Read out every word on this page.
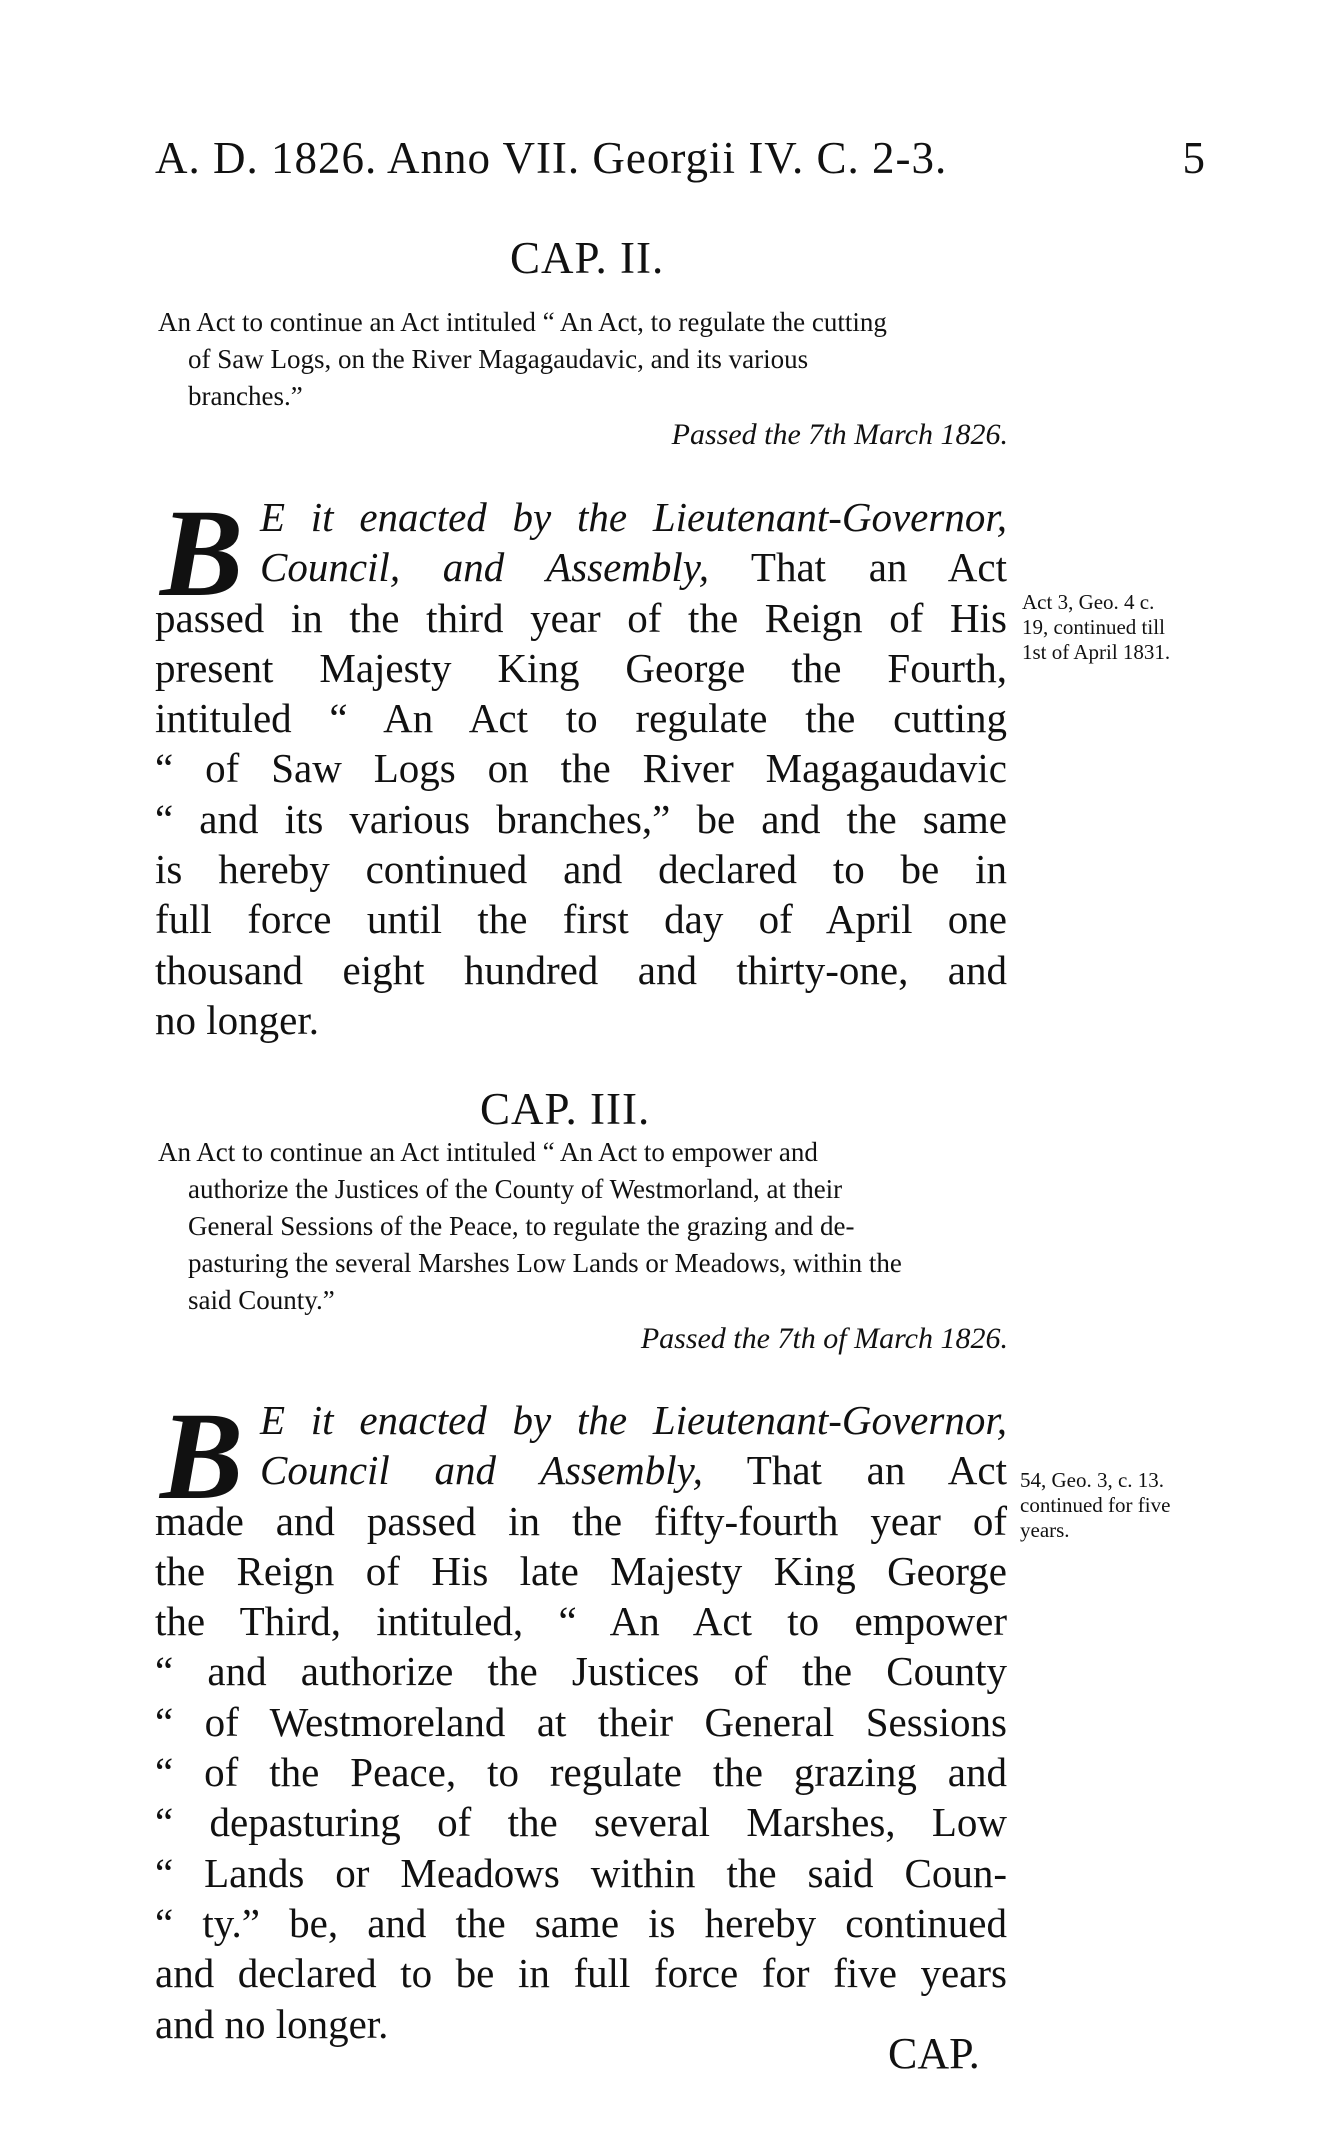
A. D. 1826. Anno VII. Georgii IV. C. 2-3.	5
CAP. II.
An Act to continue an Act intituled “ An Act, to regulate the cutting
of Saw Logs, on the River Magagaudavic, and its various
branches.”
Passed the 7th March 1826.
B E it enacted by the Lieutenant-Governor,
Council, and Assembly, That an Act
passed in the third year of the Reign of His
present Majesty King George the Fourth,
intituled “ An Act to regulate the cutting
“ of Saw Logs on the River Magagaudavic
“ and its various branches,” be and the same
is hereby continued and declared to be in
full force until the first day of April one
thousand eight hundred and thirty-one, and
no longer.
Act 3, Geo. 4 c.
19, continued till
1st of April 1831.
CAP. III.
An Act to continue an Act intituled “ An Act to empower and
authorize the Justices of the County of Westmorland, at their
General Sessions of the Peace, to regulate the grazing and de-
pasturing the several Marshes Low Lands or Meadows, within the
said County.”
Passed the 7th of March 1826.
B E it enacted by the Lieutenant-Governor,
Council and Assembly, That an Act
made and passed in the fifty-fourth year of
the Reign of His late Majesty King George
the Third, intituled, “ An Act to empower
“ and authorize the Justices of the County
“ of Westmoreland at their General Sessions
“ of the Peace, to regulate the grazing and
“ depasturing of the several Marshes, Low
“ Lands or Meadows within the said Coun-
“ ty.” be, and the same is hereby continued
and declared to be in full force for five years
and no longer.
54, Geo. 3, c. 13.
continued for five
years.
CAP.
